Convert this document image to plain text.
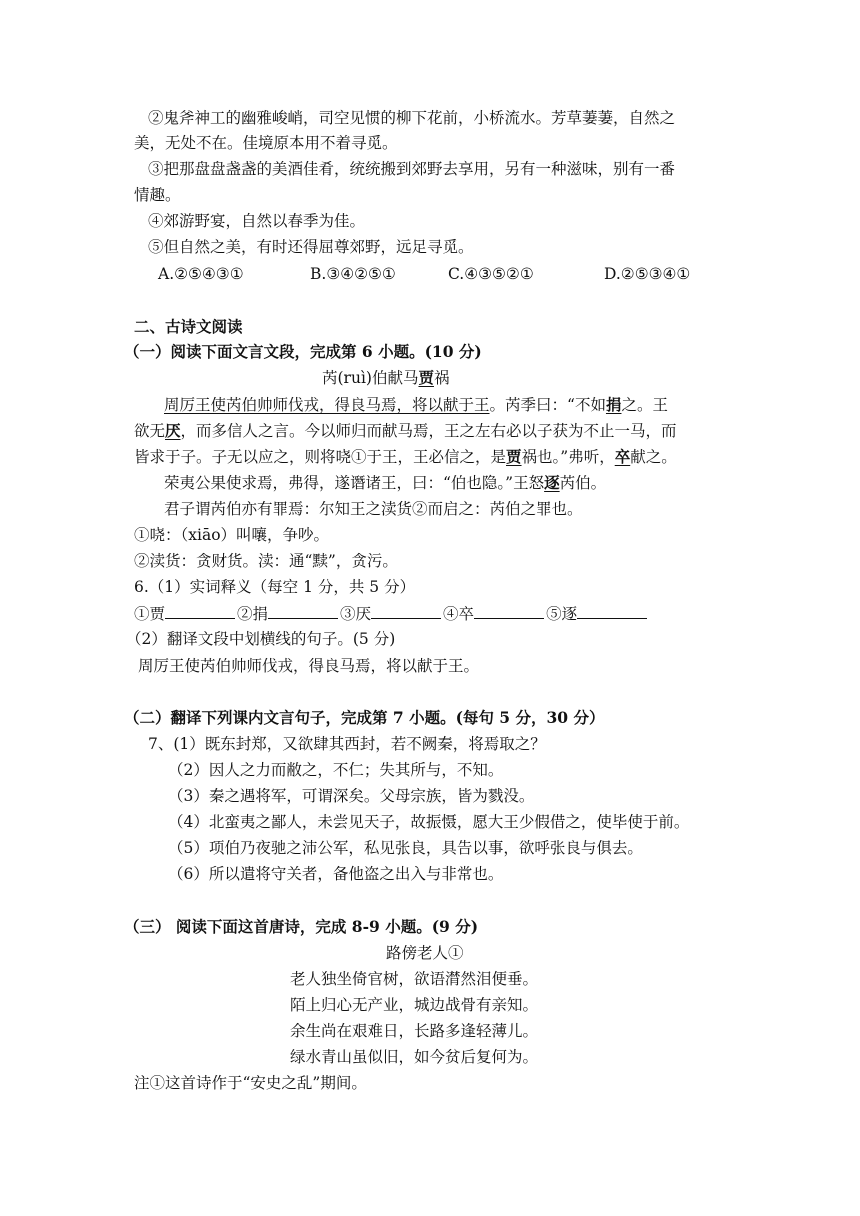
②鬼斧神工的幽雅峻峭，司空见惯的柳下花前，小桥流水。芳草萋萋，自然之
美，无处不在。佳境原本用不着寻觅。
③把那盘盘盏盏的美酒佳肴，统统搬到郊野去享用，另有一种滋味，别有一番
情趣。
④郊游野宴，自然以春季为佳。
⑤但自然之美，有时还得屈尊郊野，远足寻觅。
A.②⑤④③①	B.③④②⑤①	C.④③⑤②①	D.②⑤③④①
二、古诗文阅读
（一）阅读下面文言文段，完成第 6 小题。(10 分)
芮(ruì)伯献马贾祸
周厉王使芮伯帅师伐戎，得良马焉，将以献于王。芮季曰：“不如捐之。王
欲无厌，而多信人之言。今以师归而献马焉，王之左右必以子获为不止一马，而
皆求于子。子无以应之，则将哓①于王，王必信之，是贾祸也。”弗听，卒献之。
荣夷公果使求焉，弗得，遂谮诸王，曰：“伯也隐。”王怒逐芮伯。
君子谓芮伯亦有罪焉：尔知王之渎货②而启之：芮伯之罪也。
①哓：（xiāo）叫嚷，争吵。
②渎货：贪财货。渎：通“黩”，贪污。
6.（1）实词释义（每空 1 分，共 5 分）
①贾	②捐	③厌	④卒	⑤逐
（2）翻译文段中划横线的句子。(5 分)
周厉王使芮伯帅师伐戎，得良马焉，将以献于王。
（二）翻译下列课内文言句子，完成第 7 小题。(每句 5 分，30 分）
7、(1）既东封郑，又欲肆其西封，若不阙秦，将焉取之？
（2）因人之力而敝之，不仁；失其所与，不知。
（3）秦之遇将军，可谓深矣。父母宗族，皆为戮没。
（4）北蛮夷之鄙人，未尝见天子，故振慑，愿大王少假借之，使毕使于前。
（5）项伯乃夜驰之沛公军，私见张良，具告以事，欲呼张良与俱去。
（6）所以遣将守关者，备他盗之出入与非常也。
（三） 阅读下面这首唐诗，完成 8-9 小题。(9 分)
路傍老人①
老人独坐倚官树，欲语潸然泪便垂。
陌上归心无产业，城边战骨有亲知。
余生尚在艰难日，长路多逢轻薄儿。
绿水青山虽似旧，如今贫后复何为。
注①这首诗作于“安史之乱”期间。
